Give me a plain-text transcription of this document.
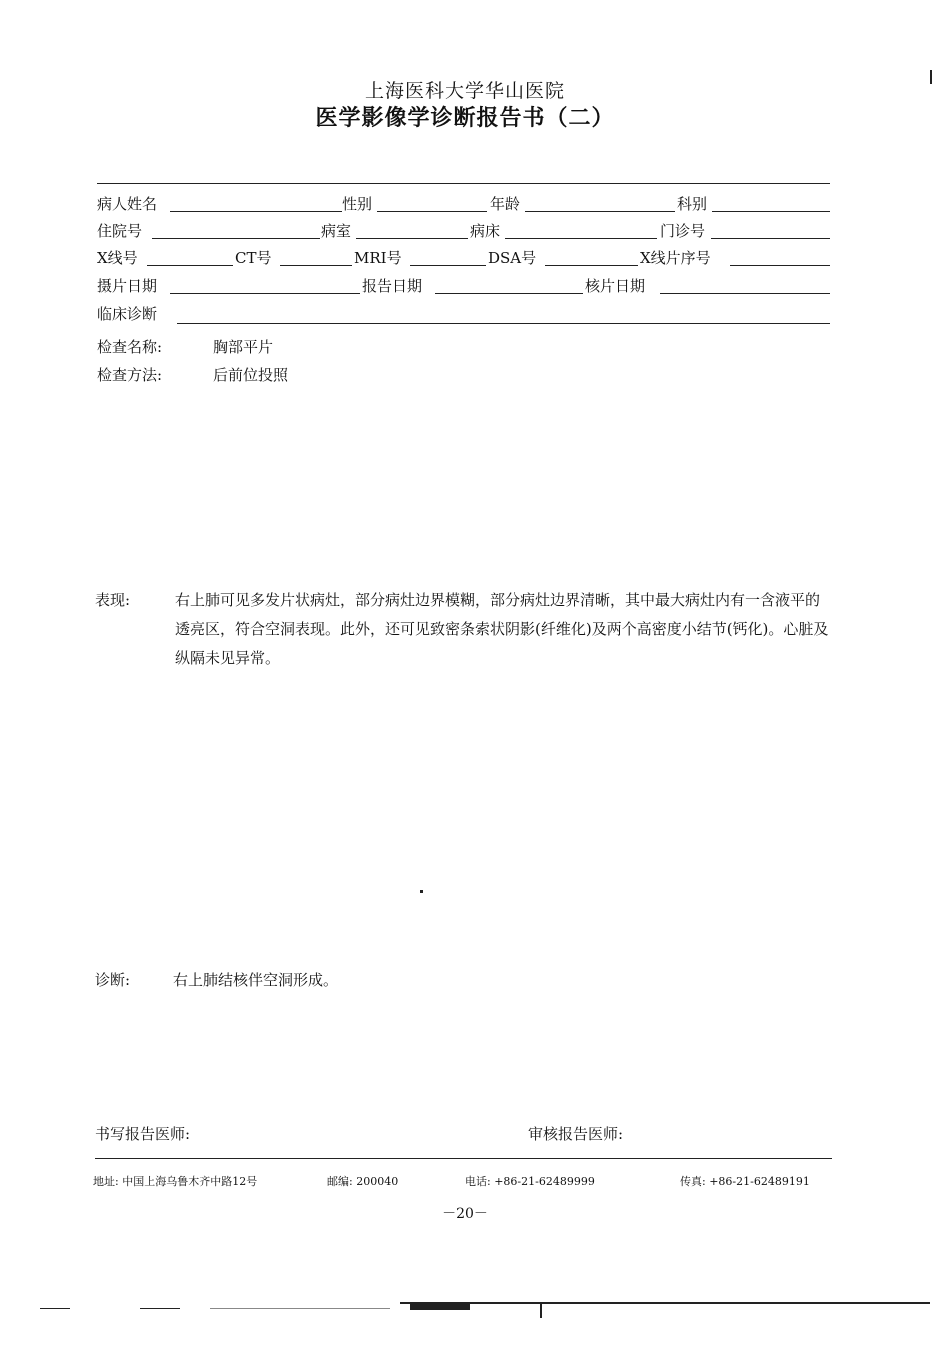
上海医科大学华山医院
医学影像学诊断报告书（二）
病人姓名	性别	年龄	科别
住院号	病室	病床	门诊号
X线号	CT号	MRI号	DSA号	X线片序号
摄片日期	报告日期	核片日期
临床诊断
检查名称:	胸部平片
检查方法:	后前位投照
表现:	右上肺可见多发片状病灶，部分病灶边界模糊，部分病灶边界清晰，其中最大病灶内有一含液平的透亮区，符合空洞表现。此外，还可见致密条索状阴影(纤维化)及两个高密度小结节(钙化)。心脏及纵隔未见异常。
诊断:	右上肺结核伴空洞形成。
书写报告医师:	审核报告医师:
地址: 中国上海乌鲁木齐中路12号	邮编: 200040	电话: +86-21-62489999	传真: +86-21-62489191
－20－
